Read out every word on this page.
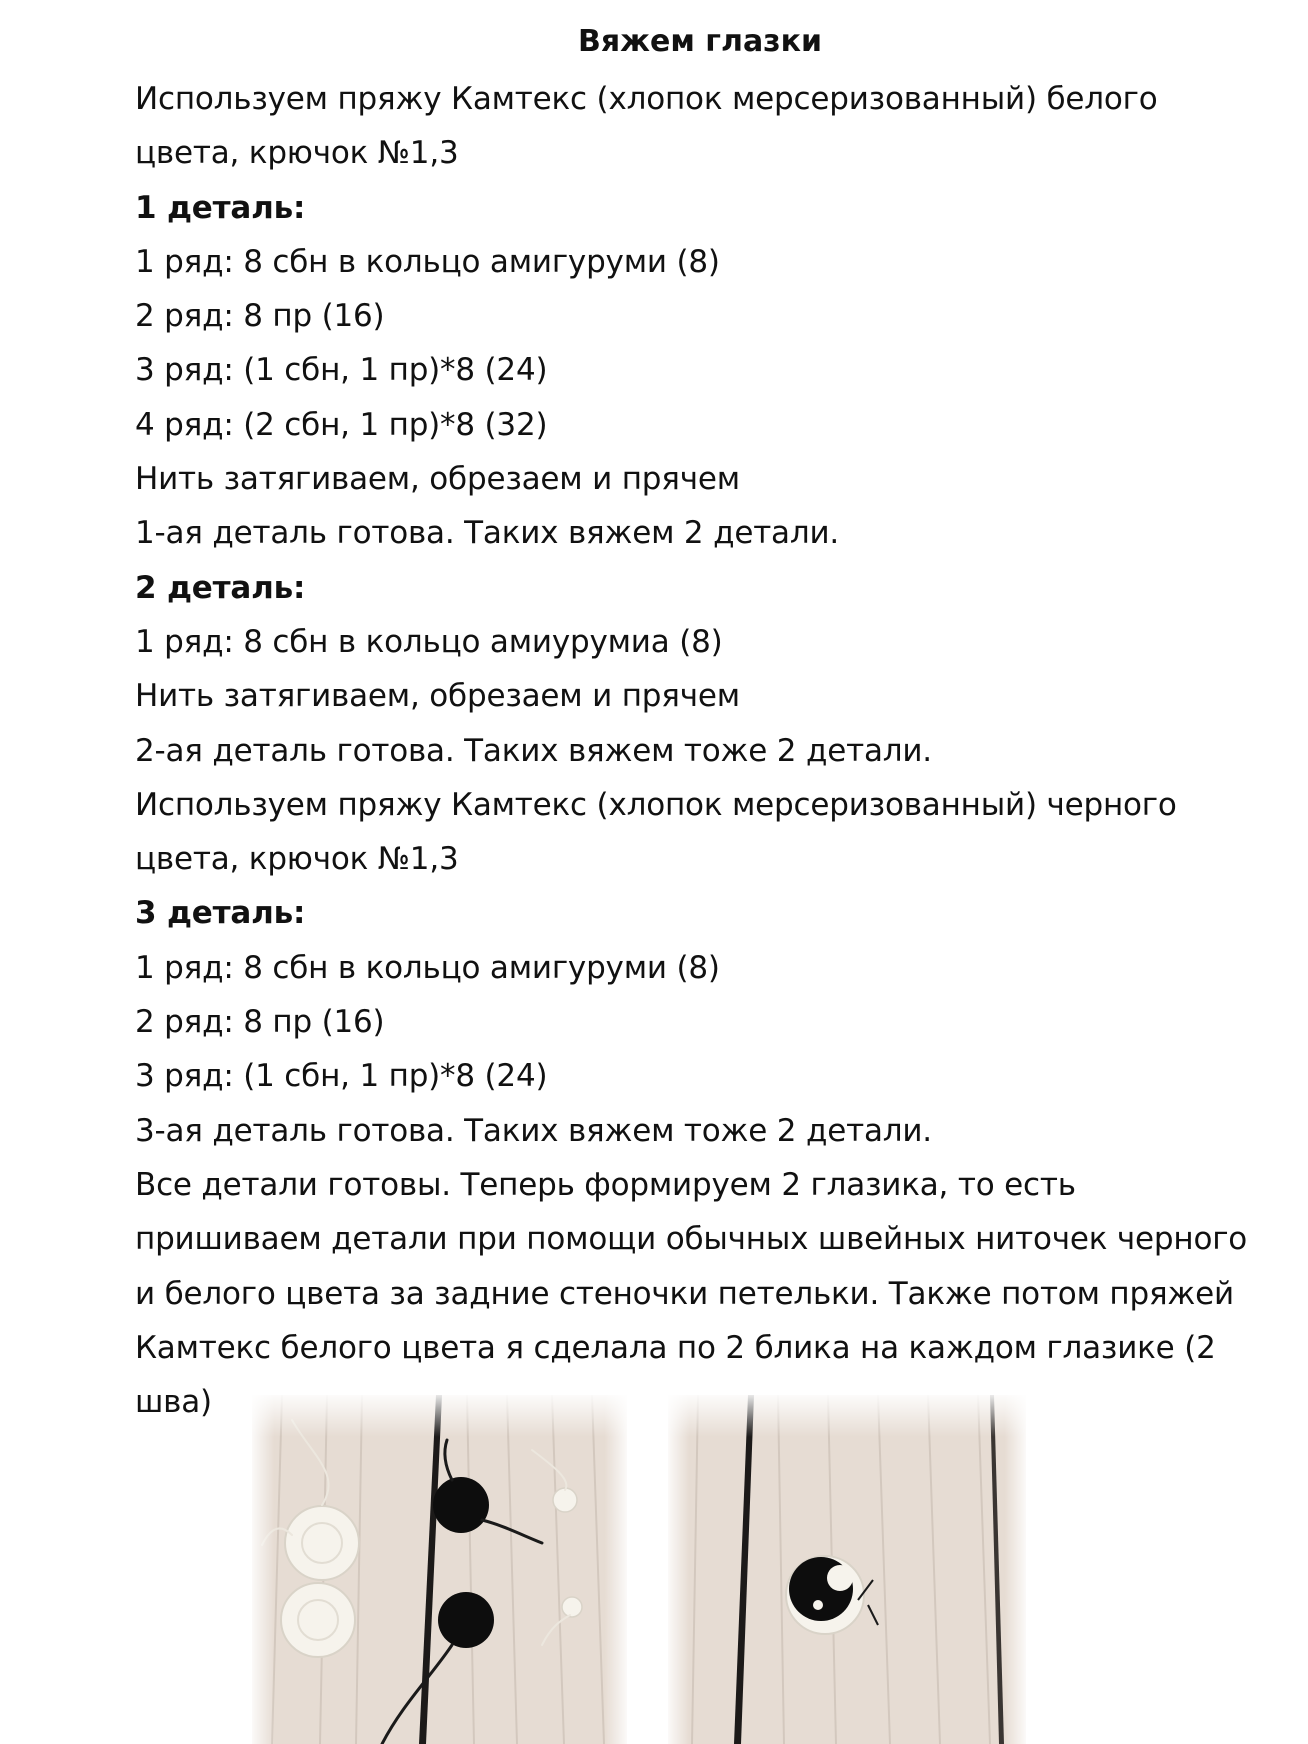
Вяжем глазки
Используем пряжу Камтекс (хлопок мерсеризованный) белого
цвета, крючок №1,3
1 деталь:
1 ряд: 8 сбн в кольцо амигуруми (8)
2 ряд: 8 пр (16)
3 ряд: (1 сбн, 1 пр)*8 (24)
4 ряд: (2 сбн, 1 пр)*8 (32)
Нить затягиваем, обрезаем и прячем
1-ая деталь готова. Таких вяжем 2 детали.
2 деталь:
1 ряд: 8 сбн в кольцо амиурумиа (8)
Нить затягиваем, обрезаем и прячем
2-ая деталь готова. Таких вяжем тоже 2 детали.
Используем пряжу Камтекс (хлопок мерсеризованный) черного
цвета, крючок №1,3
3 деталь:
1 ряд: 8 сбн в кольцо амигуруми (8)
2 ряд: 8 пр (16)
3 ряд: (1 сбн, 1 пр)*8 (24)
3-ая деталь готова. Таких вяжем тоже 2 детали.
Все детали готовы. Теперь формируем 2 глазика, то есть
пришиваем детали при помощи обычных швейных ниточек черного
и белого цвета за задние стеночки петельки. Также потом пряжей
Камтекс белого цвета я сделала по 2 блика на каждом глазике (2
шва)
